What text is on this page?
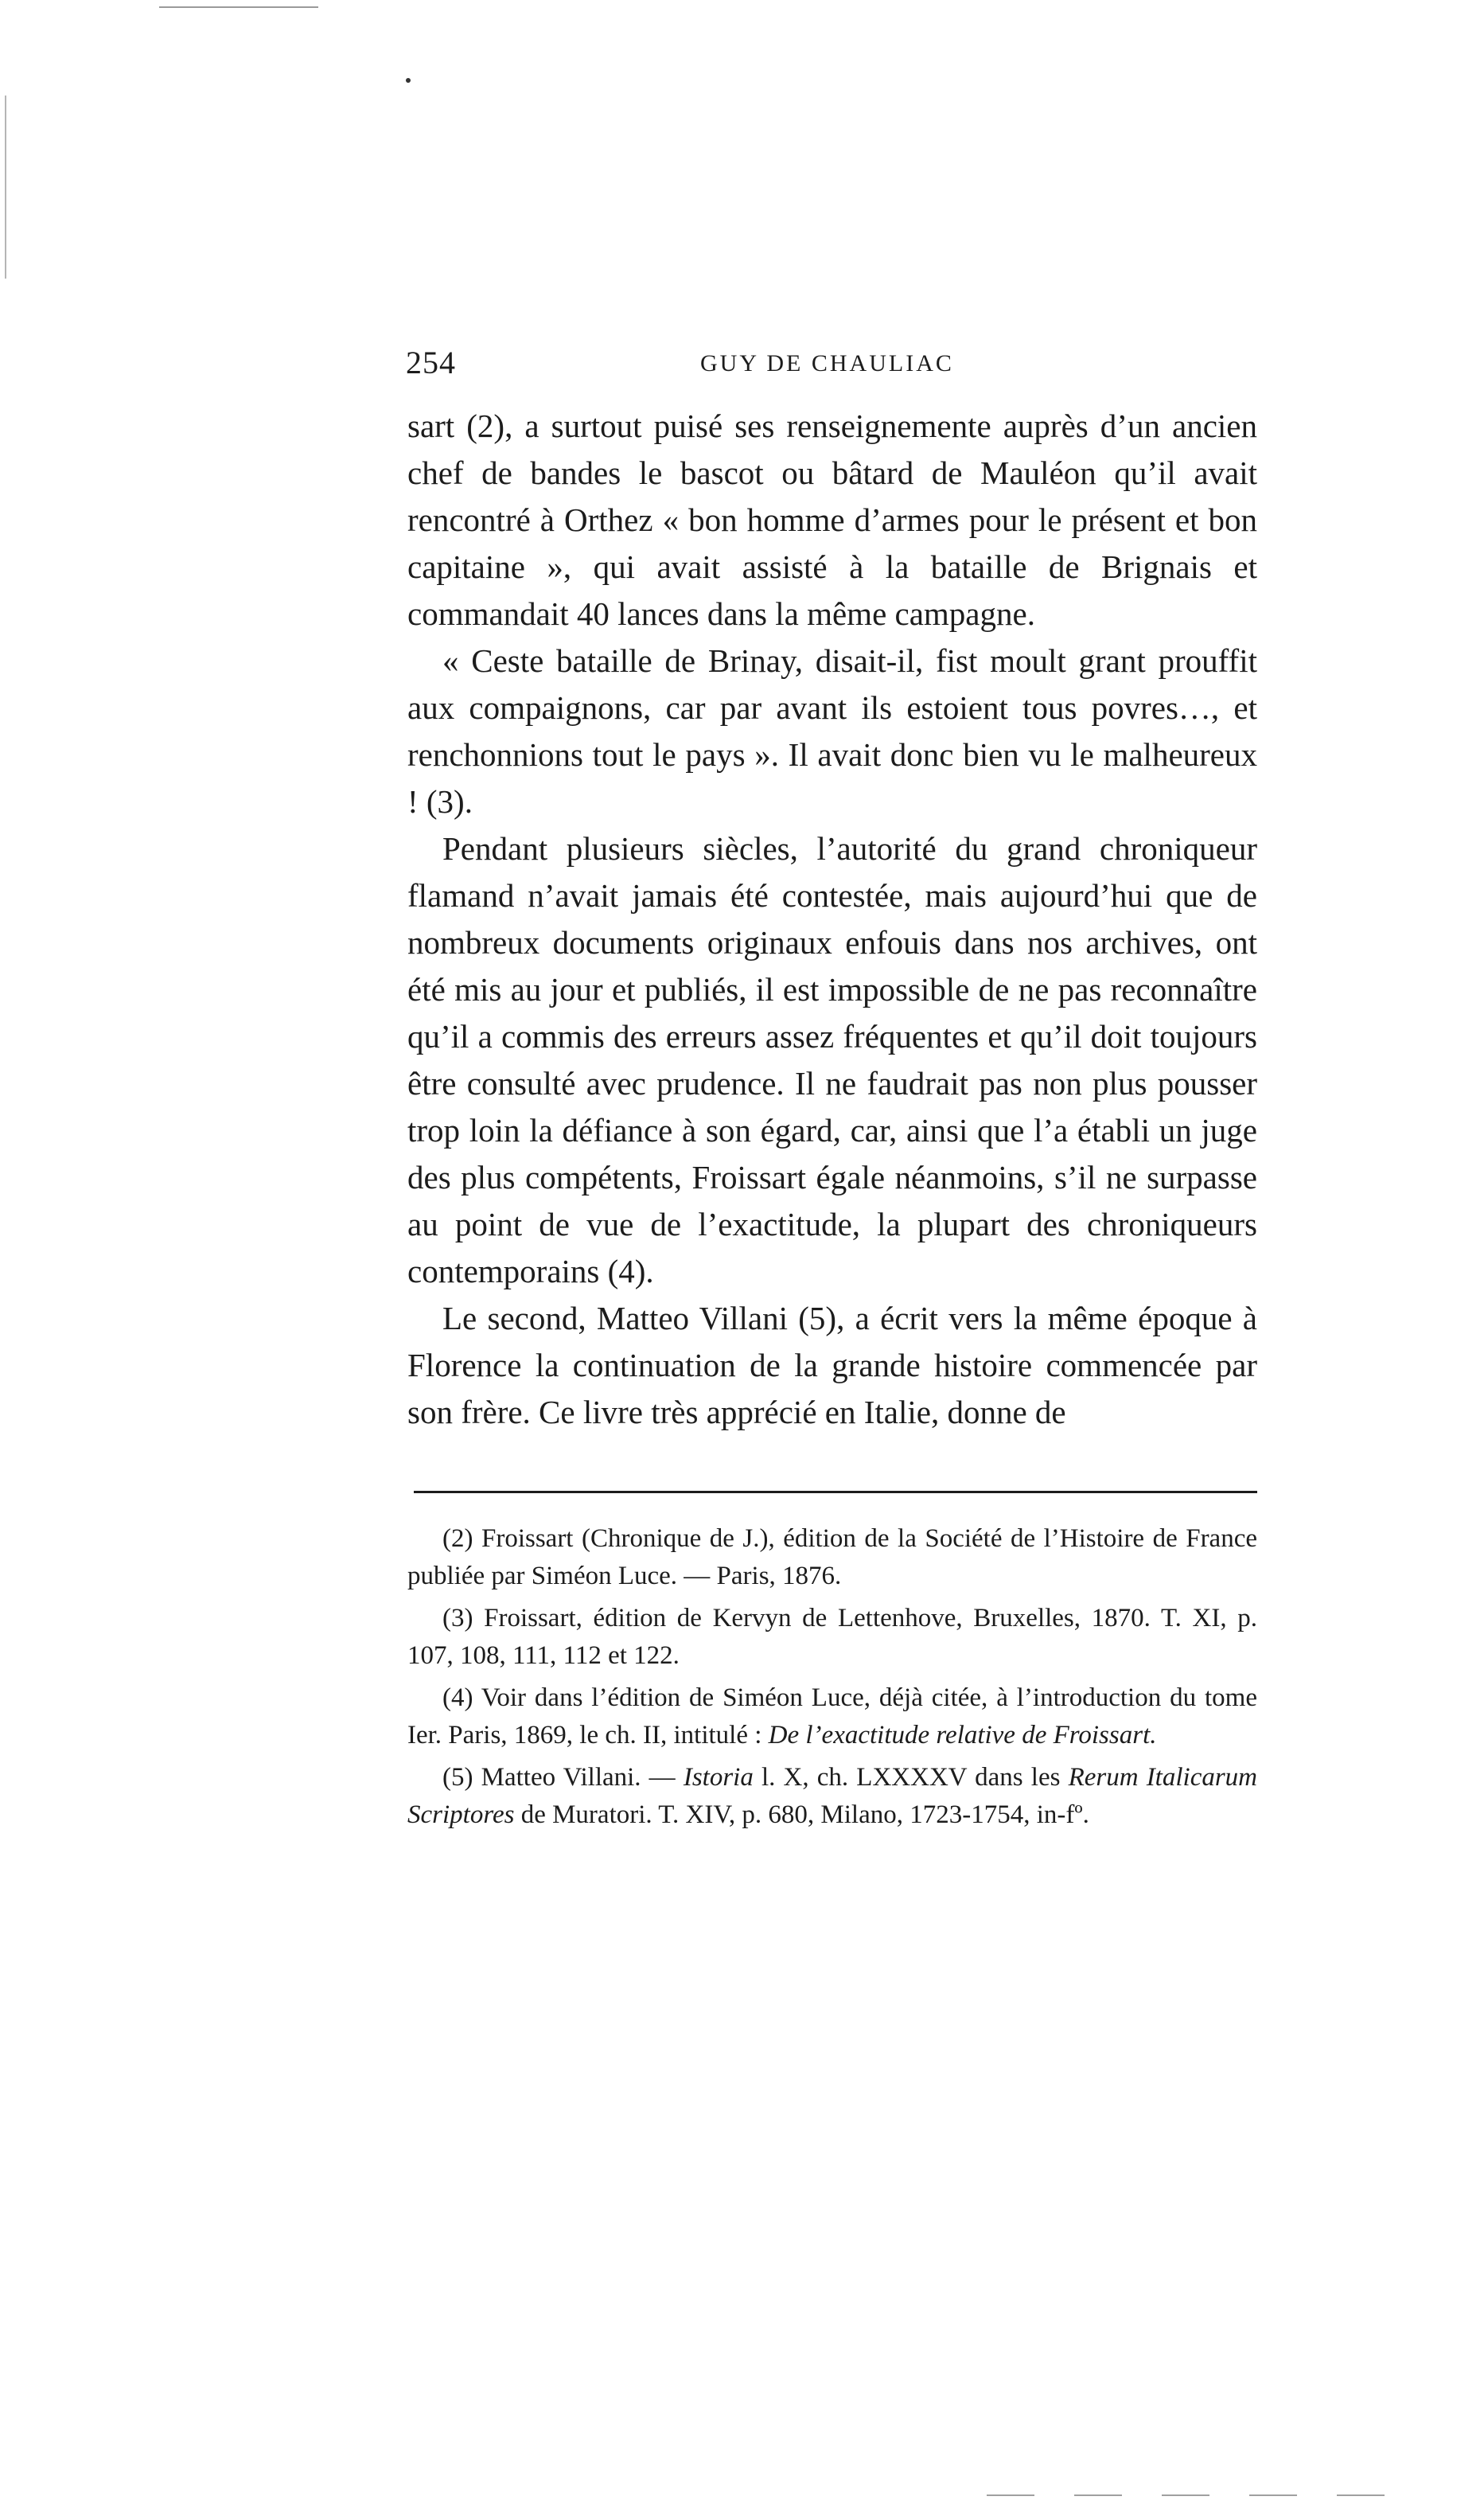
254	GUY DE CHAULIAC

sart (2), a surtout puisé ses renseignemente auprès d’un ancien chef de bandes le bascot ou bâtard de Mauléon qu’il avait rencontré à Orthez « bon homme d’armes pour le présent et bon capitaine », qui avait assisté à la bataille de Brignais et commandait 40 lances dans la même campagne.

« Ceste bataille de Brinay, disait-il, fist moult grant prouffit aux compaignons, car par avant ils estoient tous povres…, et renchonnions tout le pays ». Il avait donc bien vu le malheureux ! (3).

Pendant plusieurs siècles, l’autorité du grand chroniqueur flamand n’avait jamais été contestée, mais aujourd’hui que de nombreux documents originaux enfouis dans nos archives, ont été mis au jour et publiés, il est impossible de ne pas reconnaître qu’il a commis des erreurs assez fréquentes et qu’il doit toujours être consulté avec prudence. Il ne faudrait pas non plus pousser trop loin la défiance à son égard, car, ainsi que l’a établi un juge des plus compétents, Froissart égale néanmoins, s’il ne surpasse au point de vue de l’exactitude, la plupart des chroniqueurs contemporains (4).

Le second, Matteo Villani (5), a écrit vers la même époque à Florence la continuation de la grande histoire commencée par son frère. Ce livre très apprécié en Italie, donne de

(2) Froissart (Chronique de J.), édition de la Société de l’Histoire de France publiée par Siméon Luce. — Paris, 1876.

(3) Froissart, édition de Kervyn de Lettenhove, Bruxelles, 1870. T. XI, p. 107, 108, 111, 112 et 122.

(4) Voir dans l’édition de Siméon Luce, déjà citée, à l’introduction du tome Ier. Paris, 1869, le ch. II, intitulé : De l’exactitude relative de Froissart.

(5) Matteo Villani. — Istoria l. X, ch. LXXXXV dans les Rerum Italicarum Scriptores de Muratori. T. XIV, p. 680, Milano, 1723-1754, in-fº.
